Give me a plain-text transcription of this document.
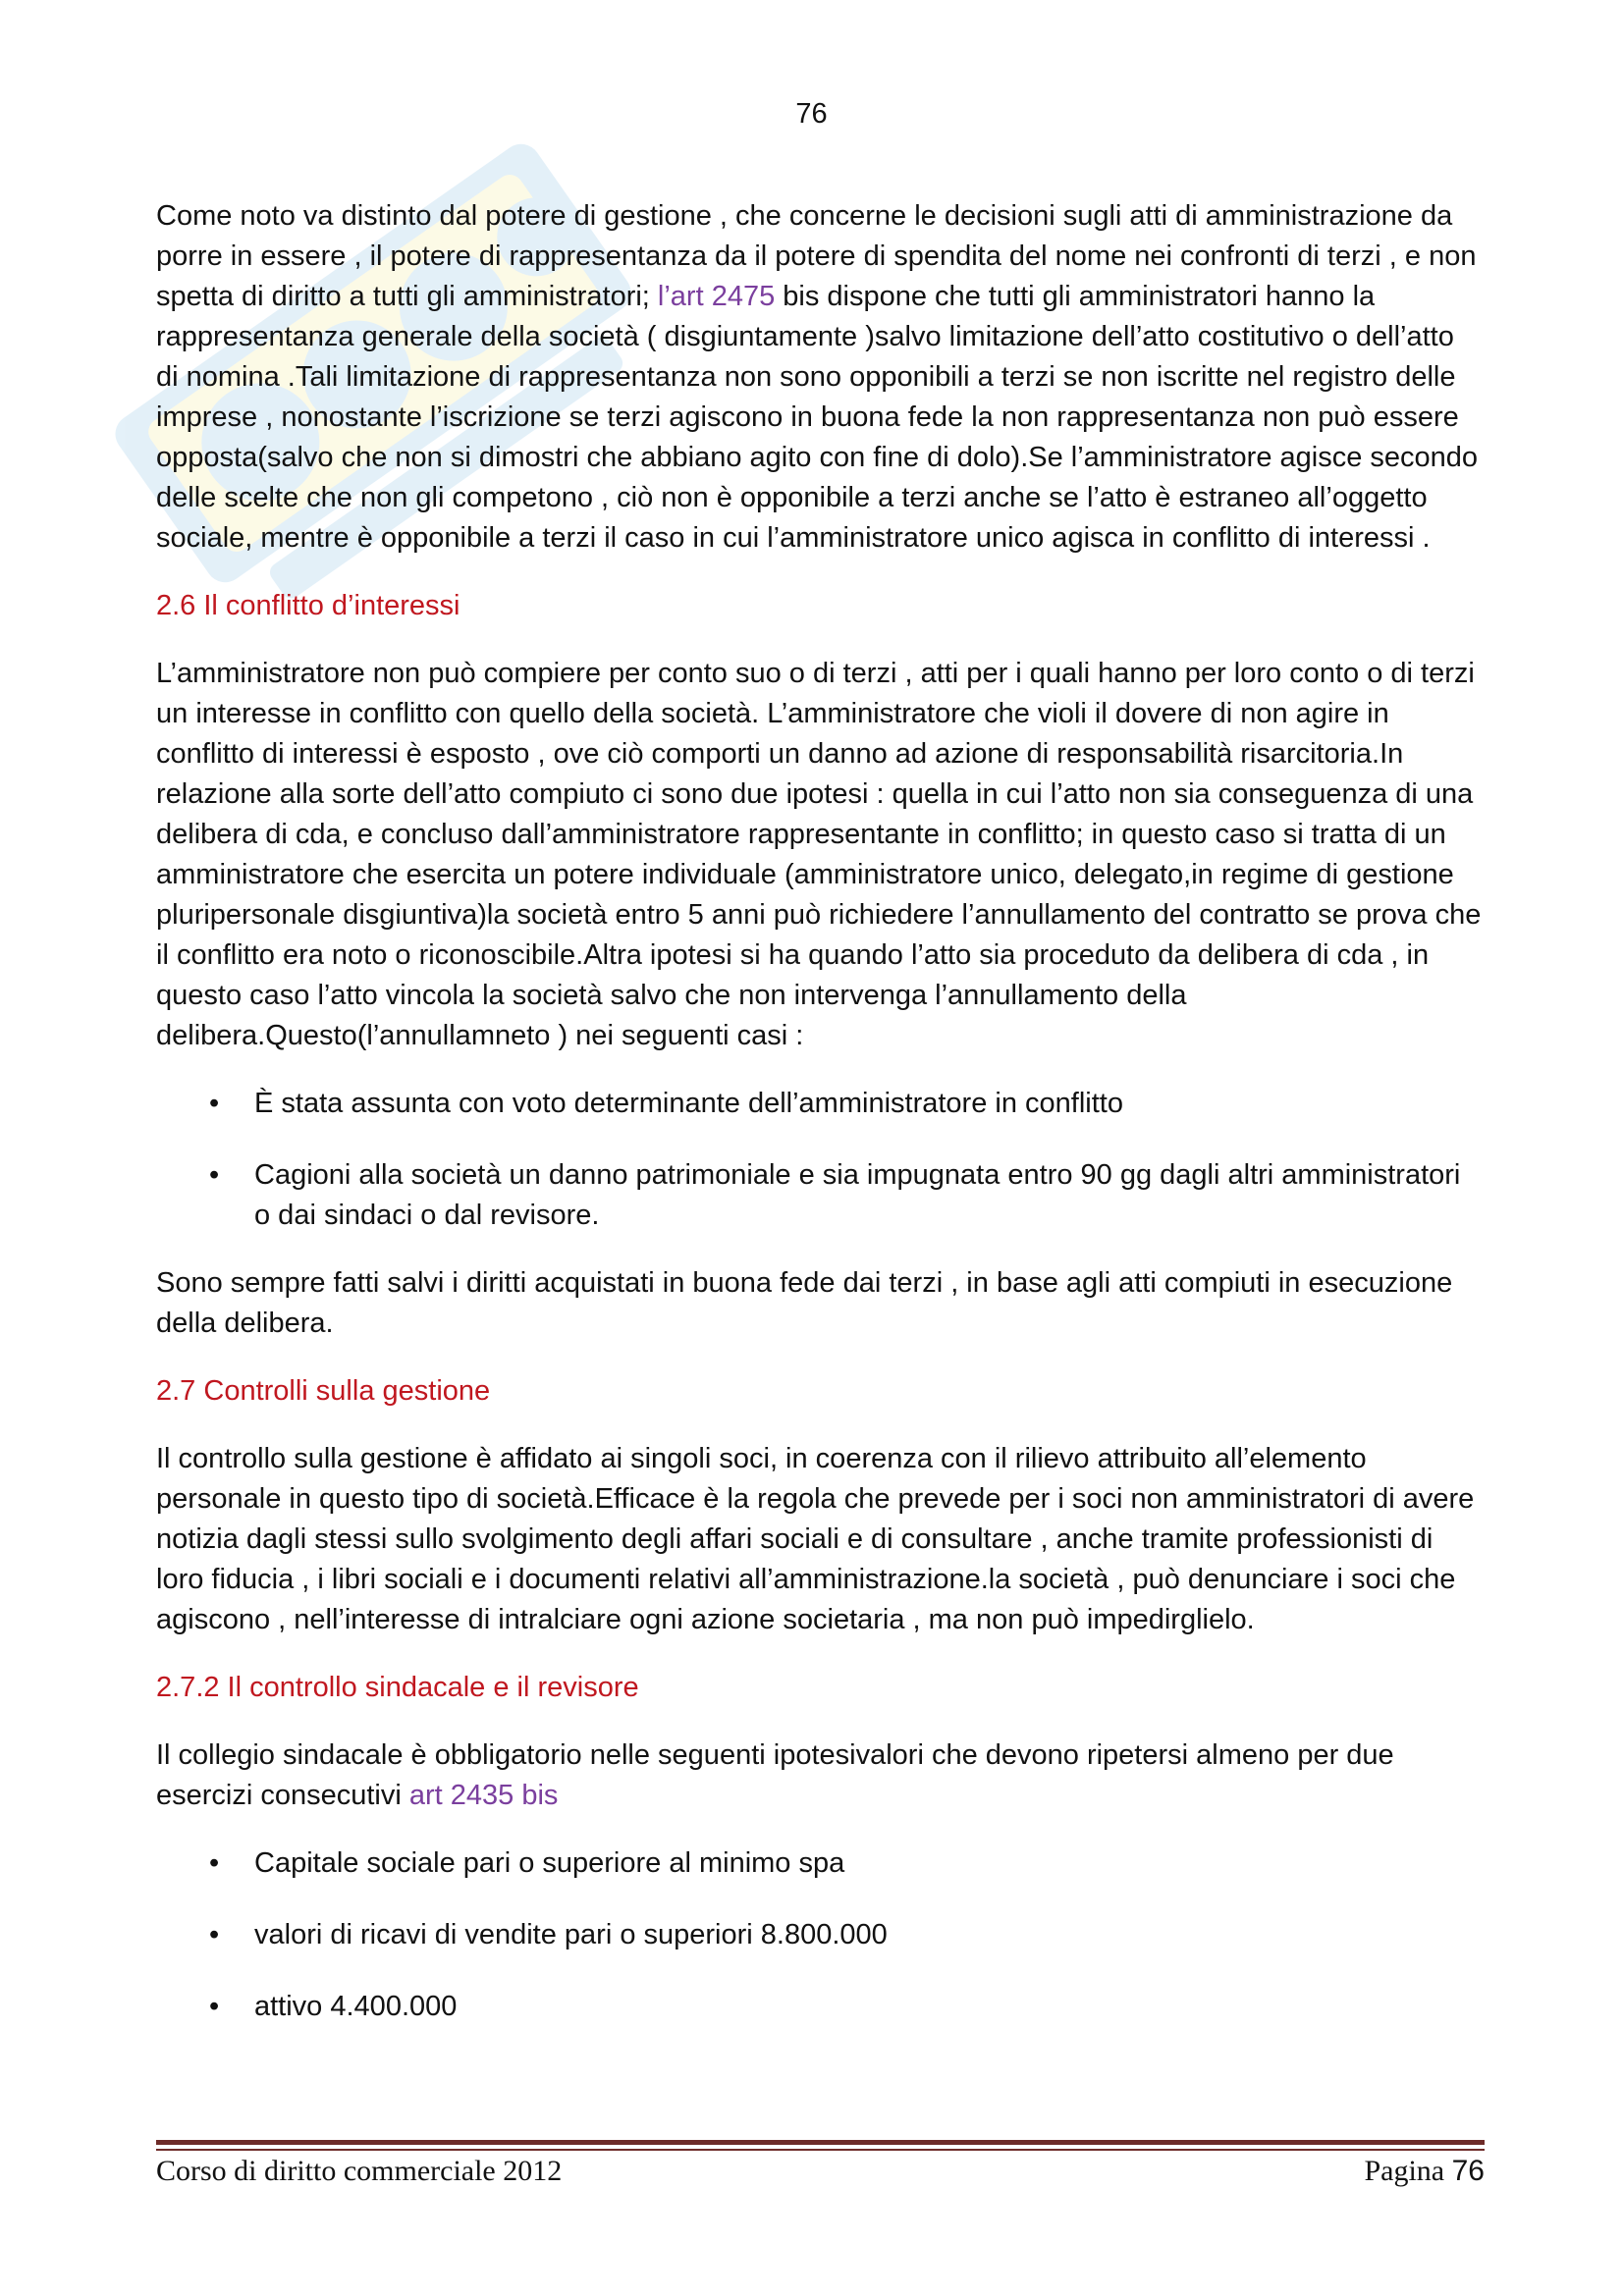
76

Come noto va distinto dal potere di gestione , che concerne le decisioni sugli atti di amministrazione da porre in essere , il potere di rappresentanza da il potere di spendita del nome nei confronti di terzi , e non spetta di diritto a tutti gli amministratori; l’art 2475 bis dispone che tutti gli amministratori hanno la rappresentanza generale della società ( disgiuntamente )salvo limitazione dell’atto costitutivo o dell’atto di nomina .Tali limitazione di rappresentanza non sono opponibili a terzi se non iscritte nel registro delle imprese , nonostante l’iscrizione se terzi agiscono in buona fede la non rappresentanza non può essere opposta(salvo che non si dimostri che abbiano agito con fine di dolo).Se l’amministratore agisce secondo delle scelte che non gli competono , ciò non è opponibile a terzi anche se l’atto è estraneo all’oggetto sociale, mentre è opponibile a terzi il caso in cui l’amministratore unico agisca in conflitto di interessi .

2.6 Il conflitto d’interessi

L’amministratore non può compiere per conto suo o di terzi , atti per i quali hanno per loro conto o di terzi un interesse in conflitto con quello della società. L’amministratore che violi il dovere di non agire in conflitto di interessi è esposto , ove ciò comporti un danno ad azione di responsabilità risarcitoria.In relazione alla sorte dell’atto compiuto ci sono due ipotesi : quella in cui l’atto non sia conseguenza di una delibera di cda, e concluso dall’amministratore rappresentante in conflitto; in questo caso si tratta di un amministratore che esercita un potere individuale (amministratore unico, delegato,in regime di gestione pluripersonale disgiuntiva)la società entro 5 anni può richiedere l’annullamento del contratto se prova che il conflitto era noto o riconoscibile.Altra ipotesi si ha quando l’atto sia proceduto da delibera di cda , in questo caso l’atto vincola la società salvo che non intervenga l’annullamento della delibera.Questo(l’annullamneto ) nei seguenti casi :

• È stata assunta con voto determinante dell’amministratore in conflitto
• Cagioni alla società un danno patrimoniale e sia impugnata entro 90 gg dagli altri amministratori o dai sindaci o dal revisore.

Sono sempre fatti salvi i diritti acquistati in buona fede dai terzi , in base agli atti compiuti in esecuzione della delibera.

2.7 Controlli sulla gestione

Il controllo sulla gestione è affidato ai singoli soci, in coerenza con il rilievo attribuito all’elemento personale in questo tipo di società.Efficace è la regola che prevede per i soci non amministratori di avere notizia dagli stessi sullo svolgimento degli affari sociali e di consultare , anche tramite professionisti di loro fiducia , i libri sociali e i documenti relativi all’amministrazione.la società , può denunciare i soci che agiscono , nell’interesse di intralciare ogni azione societaria , ma non può impedirglielo.

2.7.2 Il controllo sindacale e il revisore

Il collegio sindacale è obbligatorio nelle seguenti ipotesivalori che devono ripetersi almeno per due esercizi consecutivi art 2435 bis

• Capitale sociale pari o superiore al minimo spa
• valori di ricavi di vendite pari o superiori 8.800.000
• attivo 4.400.000
Corso di diritto commerciale 2012	Pagina 76
